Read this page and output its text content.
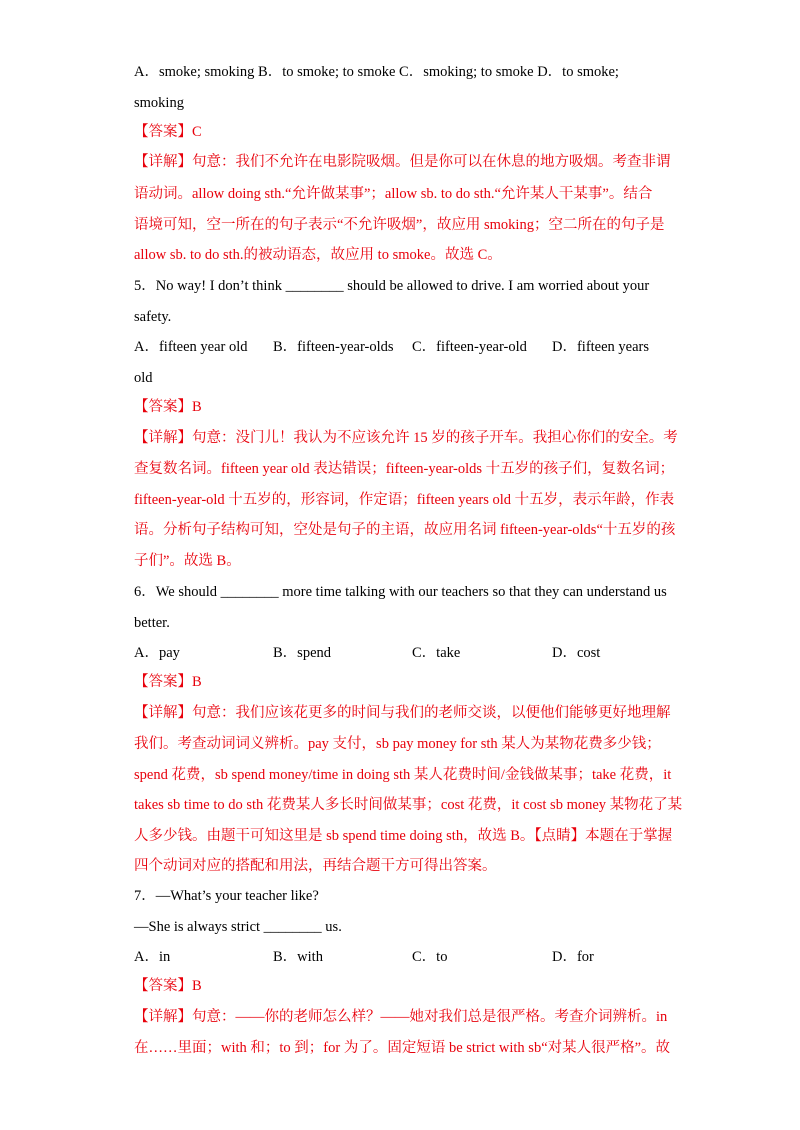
A．smoke; smoking B．to smoke; to smoke C．smoking; to smoke D．to smoke;
smoking
【答案】C
【详解】句意：我们不允许在电影院吸烟。但是你可以在休息的地方吸烟。考查非谓
语动词。allow doing sth.“允许做某事”；allow sb. to do sth.“允许某人干某事”。结合
语境可知，空一所在的句子表示“不允许吸烟”，故应用 smoking；空二所在的句子是
allow sb. to do sth.的被动语态，故应用 to smoke。故选 C。
5．No way! I don’t think ________ should be allowed to drive. I am worried about your
safety.
A．fifteen year old B．fifteen-year-olds C．fifteen-year-old D．fifteen years
old
【答案】B
【详解】句意：没门儿！我认为不应该允许 15 岁的孩子开车。我担心你们的安全。考
查复数名词。fifteen year old 表达错误；fifteen-year-olds 十五岁的孩子们，复数名词；
fifteen-year-old 十五岁的，形容词，作定语；fifteen years old 十五岁，表示年龄，作表
语。分析句子结构可知，空处是句子的主语，故应用名词 fifteen-year-olds“十五岁的孩
子们”。故选 B。
6．We should ________ more time talking with our teachers so that they can understand us
better.
A．pay	B．spend	C．take	D．cost
【答案】B
【详解】句意：我们应该花更多的时间与我们的老师交谈，以便他们能够更好地理解
我们。考查动词词义辨析。pay 支付，sb pay money for sth 某人为某物花费多少钱；
spend 花费，sb spend money/time in doing sth 某人花费时间/金钱做某事；take 花费，it
takes sb time to do sth 花费某人多长时间做某事；cost 花费，it cost sb money 某物花了某
人多少钱。由题干可知这里是 sb spend time doing sth，故选 B。【点睛】本题在于掌握
四个动词对应的搭配和用法，再结合题干方可得出答案。
7．—What’s your teacher like?
—She is always strict ________ us.
A．in	B．with	C．to	D．for
【答案】B
【详解】句意：——你的老师怎么样？——她对我们总是很严格。考查介词辨析。in
在……里面；with 和；to 到；for 为了。固定短语 be strict with sb“对某人很严格”。故
